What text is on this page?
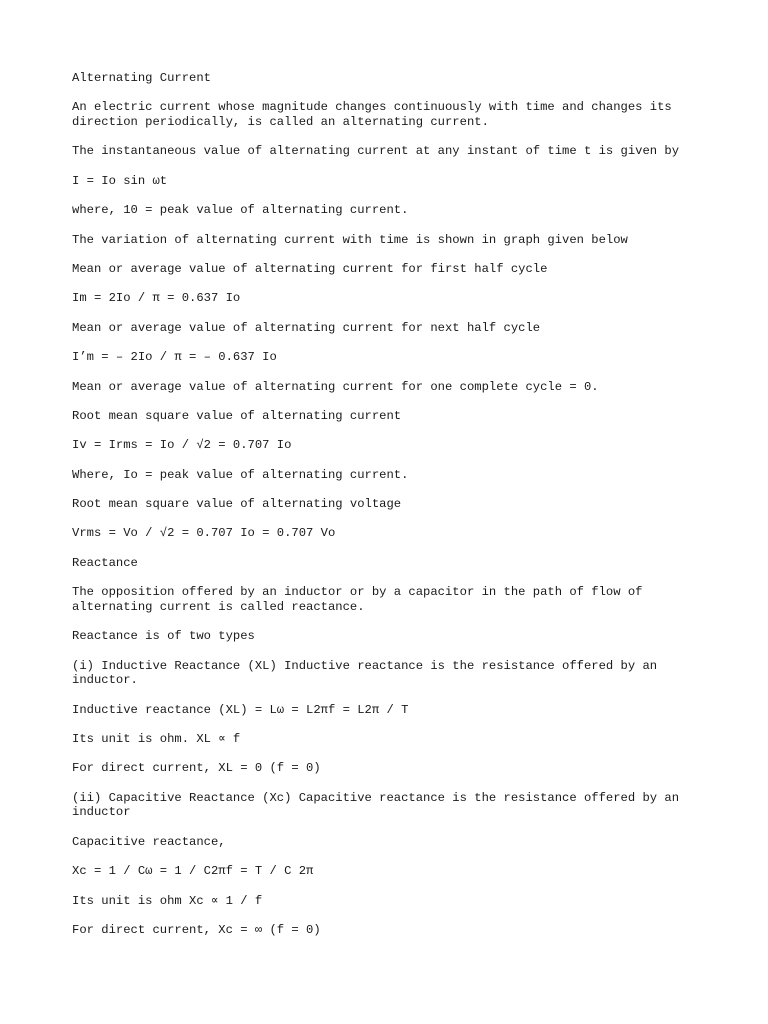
Alternating Current

An electric current whose magnitude changes continuously with time and changes its
direction periodically, is called an alternating current.

The instantaneous value of alternating current at any instant of time t is given by

I = Io sin ωt

where, 10 = peak value of alternating current.

The variation of alternating current with time is shown in graph given below

Mean or average value of alternating current for first half cycle

Im = 2Io / π = 0.637 Io

Mean or average value of alternating current for next half cycle

I’m = – 2Io / π = – 0.637 Io

Mean or average value of alternating current for one complete cycle = 0.

Root mean square value of alternating current

Iv = Irms = Io / √2 = 0.707 Io

Where, Io = peak value of alternating current.

Root mean square value of alternating voltage

Vrms = Vo / √2 = 0.707 Io = 0.707 Vo

Reactance

The opposition offered by an inductor or by a capacitor in the path of flow of
alternating current is called reactance.

Reactance is of two types

(i) Inductive Reactance (XL) Inductive reactance is the resistance offered by an
inductor.

Inductive reactance (XL) = Lω = L2πf = L2π / T

Its unit is ohm. XL ∝ f

For direct current, XL = 0 (f = 0)

(ii) Capacitive Reactance (Xc) Capacitive reactance is the resistance offered by an
inductor

Capacitive reactance,

Xc = 1 / Cω = 1 / C2πf = T / C 2π

Its unit is ohm Xc ∝ 1 / f

For direct current, Xc = ∞ (f = 0)
